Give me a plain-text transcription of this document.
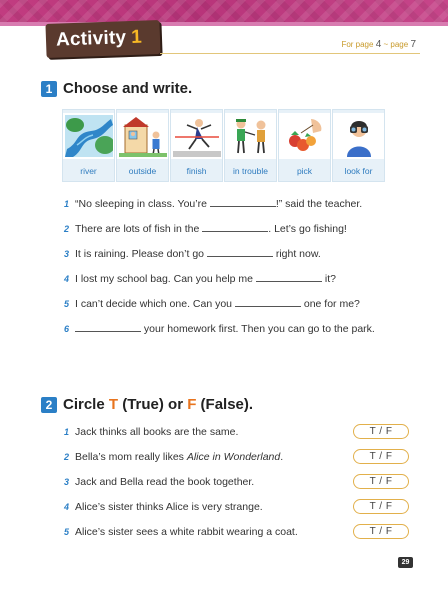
Activity 1	For page 4 ~ page 7
1 Choose and write.
river	outside	finish	in trouble	pick	look for
1 “No sleeping in class. You’re	!” said the teacher.
2 There are lots of fish in the	. Let’s go fishing!
3 It is raining. Please don’t go	right now.
4 I lost my school bag. Can you help me	it?
5 I can’t decide which one. Can you	one for me?
6	your homework first. Then you can go to the park.
2 Circle T (True) or F (False).
1 Jack thinks all books are the same.	T / F
2 Bella’s mom really likes Alice in Wonderland.	T / F
3 Jack and Bella read the book together.	T / F
4 Alice’s sister thinks Alice is very strange.	T / F
5 Alice’s sister sees a white rabbit wearing a coat.	T / F
29
